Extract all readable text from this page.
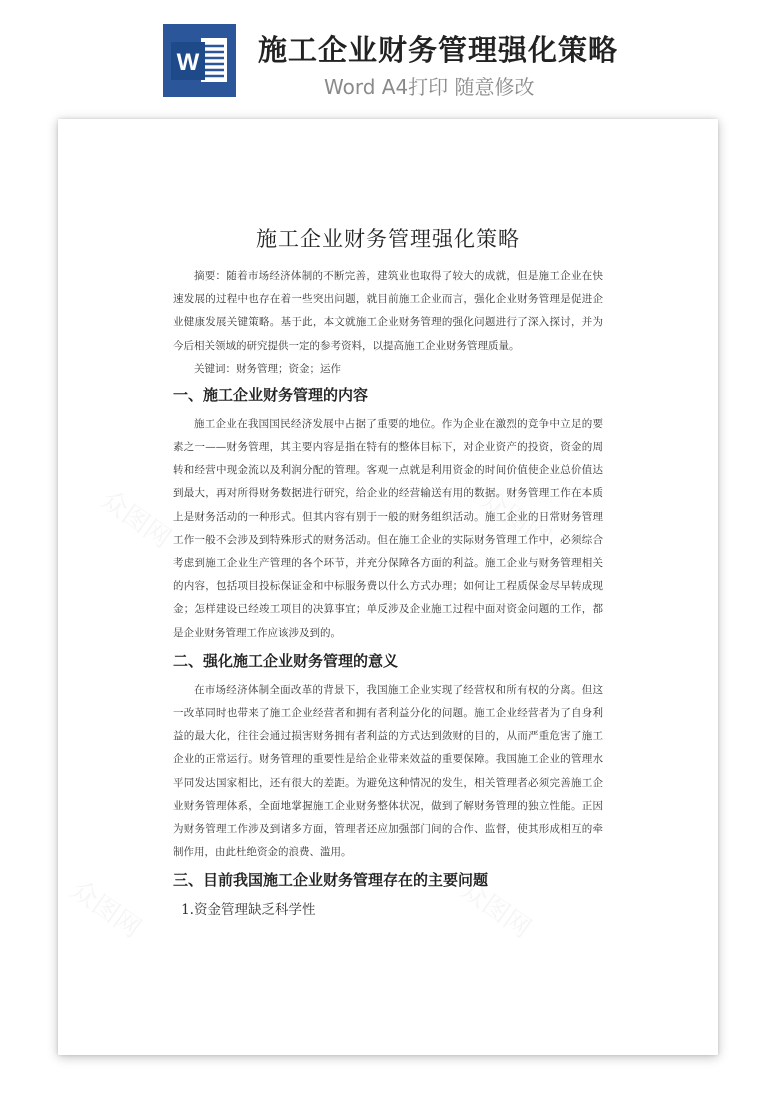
W 施工企业财务管理强化策略
Word A4打印 随意修改
众图网	众图网
众图网	众图网
施工企业财务管理强化策略

摘要：随着市场经济体制的不断完善，建筑业也取得了较大的成就，但是施工企业在快速发展的过程中也存在着一些突出问题，就目前施工企业而言，强化企业财务管理是促进企业健康发展关键策略。基于此，本文就施工企业财务管理的强化问题进行了深入探讨，并为今后相关领域的研究提供一定的参考资料，以提高施工企业财务管理质量。

关键词：财务管理；资金；运作

一、施工企业财务管理的内容

施工企业在我国国民经济发展中占据了重要的地位。作为企业在激烈的竞争中立足的要素之一——财务管理，其主要内容是指在特有的整体目标下，对企业资产的投资，资金的周转和经营中现金流以及利润分配的管理。客观一点就是利用资金的时间价值使企业总价值达到最大，再对所得财务数据进行研究，给企业的经营输送有用的数据。财务管理工作在本质上是财务活动的一种形式。但其内容有别于一般的财务组织活动。施工企业的日常财务管理工作一般不会涉及到特殊形式的财务活动。但在施工企业的实际财务管理工作中，必须综合考虑到施工企业生产管理的各个环节，并充分保障各方面的利益。施工企业与财务管理相关的内容，包括项目投标保证金和中标服务费以什么方式办理；如何让工程质保金尽早转成现金；怎样建设已经竣工项目的决算事宜；单反涉及企业施工过程中面对资金问题的工作，都是企业财务管理工作应该涉及到的。

二、强化施工企业财务管理的意义

在市场经济体制全面改革的背景下，我国施工企业实现了经营权和所有权的分离。但这一改革同时也带来了施工企业经营者和拥有者利益分化的问题。施工企业经营者为了自身利益的最大化，往往会通过损害财务拥有者利益的方式达到敛财的目的，从而严重危害了施工企业的正常运行。财务管理的重要性是给企业带来效益的重要保障。我国施工企业的管理水平同发达国家相比，还有很大的差距。为避免这种情况的发生，相关管理者必须完善施工企业财务管理体系，全面地掌握施工企业财务整体状况，做到了解财务管理的独立性能。正因为财务管理工作涉及到诸多方面，管理者还应加强部门间的合作、监督，使其形成相互的牵制作用，由此杜绝资金的浪费、滥用。

三、目前我国施工企业财务管理存在的主要问题
1.资金管理缺乏科学性
